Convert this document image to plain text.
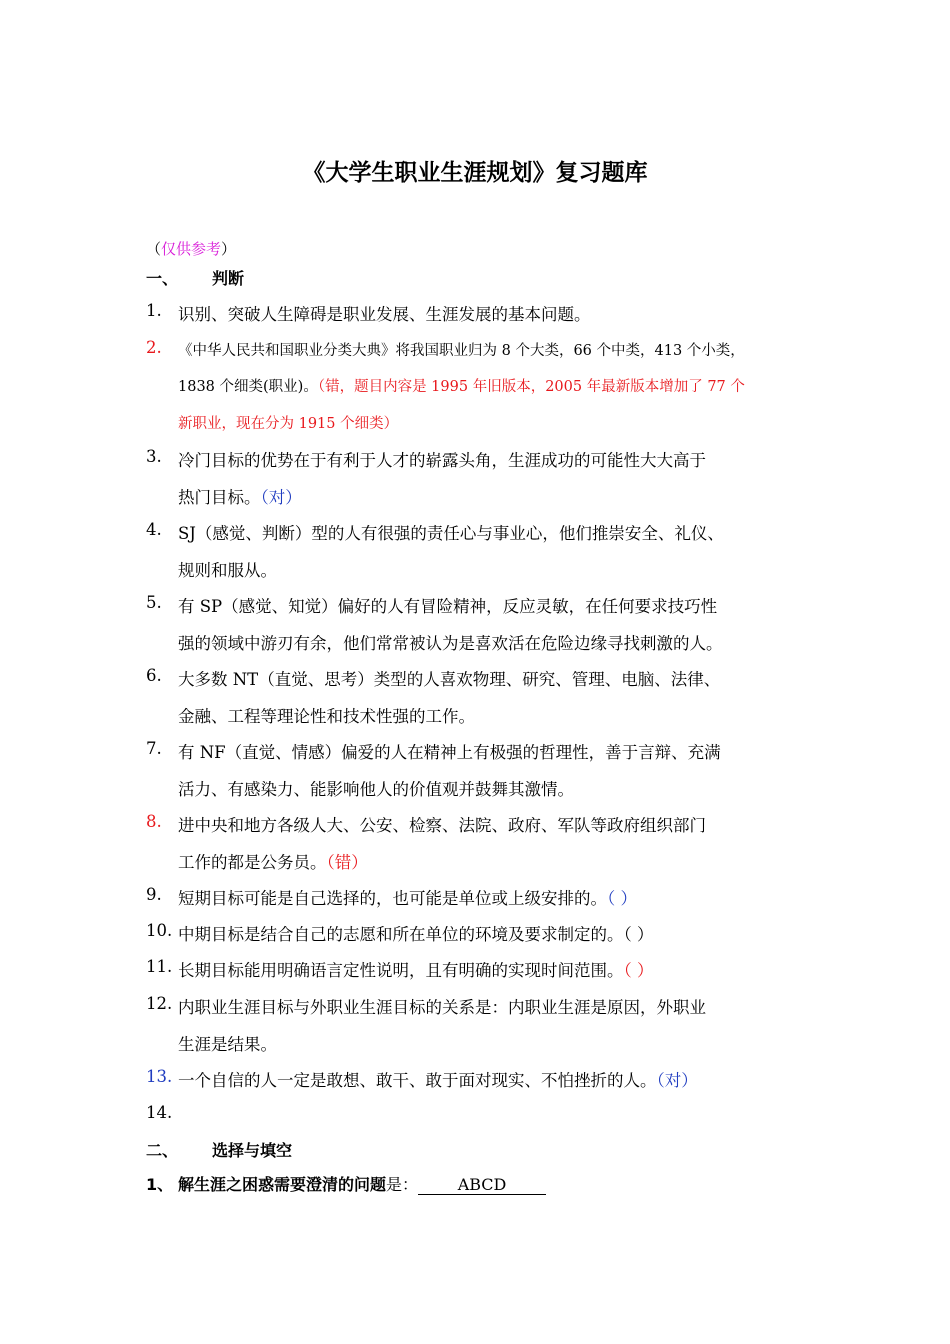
《大学生职业生涯规划》复习题库
（仅供参考）
一、 判断
1. 识别、突破人生障碍是职业发展、生涯发展的基本问题。
2. 《中华人民共和国职业分类大典》将我国职业归为 8 个大类，66 个中类，413 个小类，
1838 个细类(职业)。（错，题目内容是 1995 年旧版本，2005 年最新版本增加了 77 个
新职业，现在分为 1915 个细类）
3. 冷门目标的优势在于有利于人才的崭露头角，生涯成功的可能性大大高于
热门目标。（对）
4. SJ（感觉、判断）型的人有很强的责任心与事业心，他们推崇安全、礼仪、
规则和服从。
5. 有 SP（感觉、知觉）偏好的人有冒险精神，反应灵敏，在任何要求技巧性
强的领域中游刃有余，他们常常被认为是喜欢活在危险边缘寻找刺激的人。
6. 大多数 NT（直觉、思考）类型的人喜欢物理、研究、管理、电脑、法律、
金融、工程等理论性和技术性强的工作。
7. 有 NF（直觉、情感）偏爱的人在精神上有极强的哲理性，善于言辩、充满
活力、有感染力、能影响他人的价值观并鼓舞其激情。
8. 进中央和地方各级人大、公安、检察、法院、政府、军队等政府组织部门
工作的都是公务员。（错）
9. 短期目标可能是自己选择的，也可能是单位或上级安排的。（ ）
10. 中期目标是结合自己的志愿和所在单位的环境及要求制定的。（ ）
11. 长期目标能用明确语言定性说明，且有明确的实现时间范围。（ ）
12. 内职业生涯目标与外职业生涯目标的关系是：内职业生涯是原因，外职业
生涯是结果。
13. 一个自信的人一定是敢想、敢干、敢于面对现实、不怕挫折的人。（对）
14.
二、 选择与填空
1、 解生涯之困惑需要澄清的问题是： ABCD
